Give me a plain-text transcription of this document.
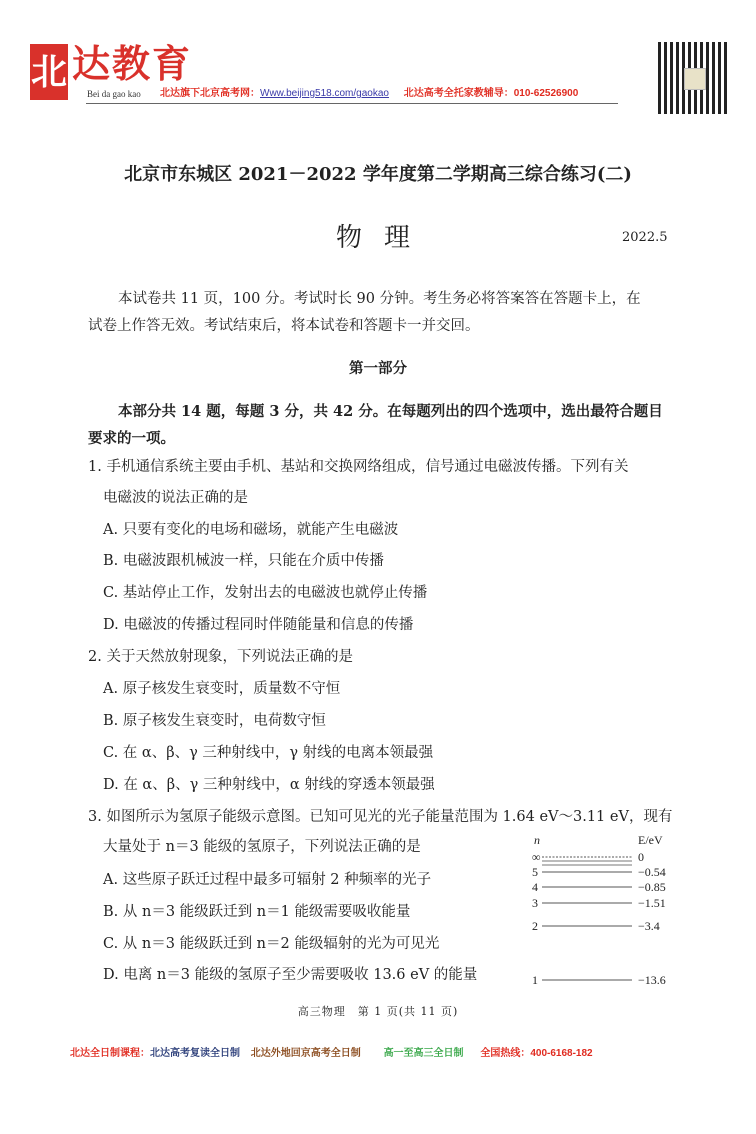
北 达教育
Bei da gao kao 北达旗下北京高考网：Www.beijing518.com/gaokao 北达高考全托家教辅导：010-62526900
北京市东城区 2021－2022 学年度第二学期高三综合练习(二)
物理	2022.5
本试卷共 11 页，100 分。考试时长 90 分钟。考生务必将答案答在答题卡上，在
试卷上作答无效。考试结束后，将本试卷和答题卡一并交回。
第一部分
本部分共 14 题，每题 3 分，共 42 分。在每题列出的四个选项中，选出最符合题目
要求的一项。
1. 手机通信系统主要由手机、基站和交换网络组成，信号通过电磁波传播。下列有关
电磁波的说法正确的是
A. 只要有变化的电场和磁场，就能产生电磁波
B. 电磁波跟机械波一样，只能在介质中传播
C. 基站停止工作，发射出去的电磁波也就停止传播
D. 电磁波的传播过程同时伴随能量和信息的传播
2. 关于天然放射现象，下列说法正确的是
A. 原子核发生衰变时，质量数不守恒
B. 原子核发生衰变时，电荷数守恒
C. 在 α、β、γ 三种射线中，γ 射线的电离本领最强
D. 在 α、β、γ 三种射线中，α 射线的穿透本领最强
3. 如图所示为氢原子能级示意图。已知可见光的光子能量范围为 1.64 eV～3.11 eV，现有
大量处于 n＝3 能级的氢原子，下列说法正确的是
A. 这些原子跃迁过程中最多可辐射 2 种频率的光子
B. 从 n＝3 能级跃迁到 n＝1 能级需要吸收能量
C. 从 n＝3 能级跃迁到 n＝2 能级辐射的光为可见光
D. 电离 n＝3 能级的氢原子至少需要吸收 13.6 eV 的能量
n	E/eV
∞	0
5	−0.54
4	−0.85
3	−1.51
2	−3.4
1	−13.6
高三物理　第 1 页(共 11 页)
北达全日制课程：北达高考复读全日制 北达外地回京高考全日制 高一至高三全日制 全国热线：400-6168-182
